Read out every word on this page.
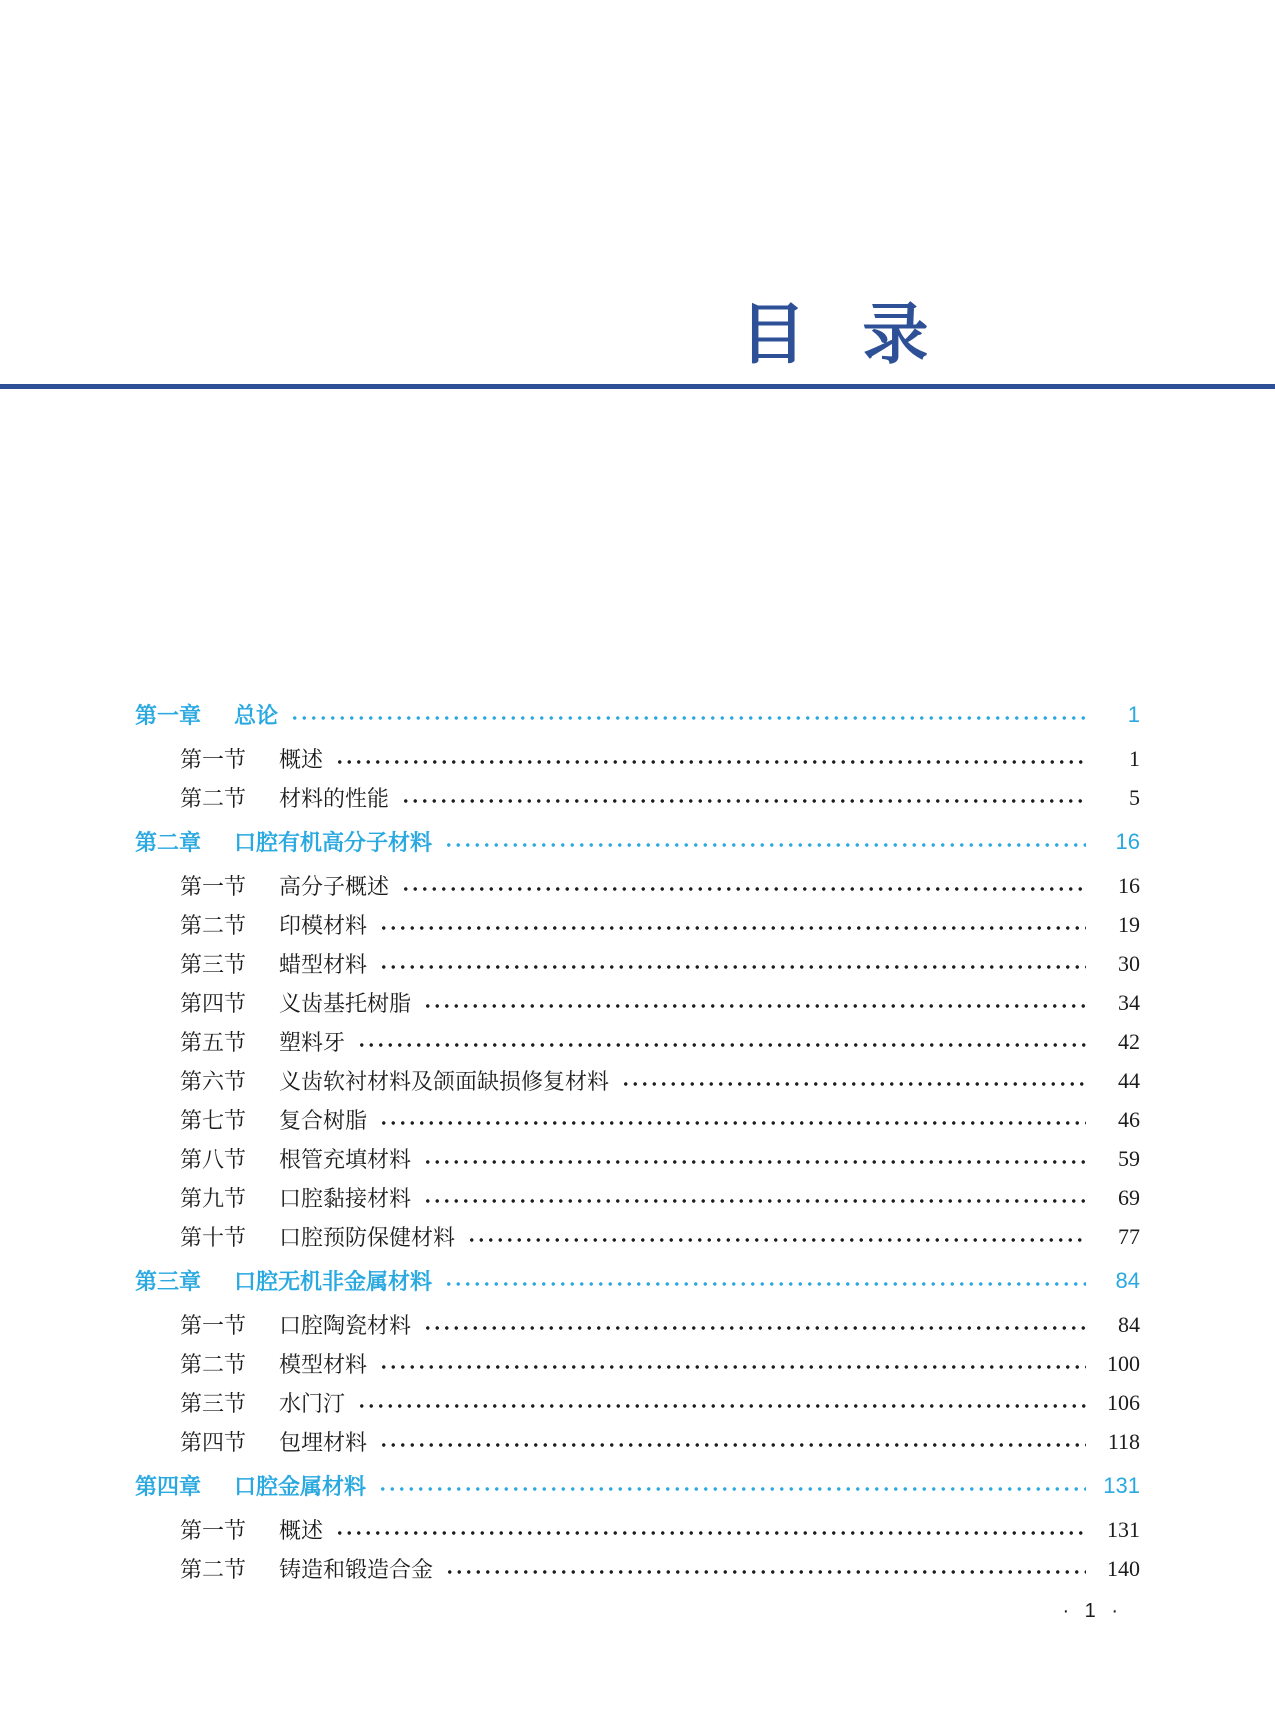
目 录
第一章 总论	1
第一节 概述	1
第二节 材料的性能	5
第二章 口腔有机高分子材料	16
第一节 高分子概述	16
第二节 印模材料	19
第三节 蜡型材料	30
第四节 义齿基托树脂	34
第五节 塑料牙	42
第六节 义齿软衬材料及颌面缺损修复材料	44
第七节 复合树脂	46
第八节 根管充填材料	59
第九节 口腔黏接材料	69
第十节 口腔预防保健材料	77
第三章 口腔无机非金属材料	84
第一节 口腔陶瓷材料	84
第二节 模型材料	100
第三节 水门汀	106
第四节 包埋材料	118
第四章 口腔金属材料	131
第一节 概述	131
第二节 铸造和锻造合金	140
· 1 ·
